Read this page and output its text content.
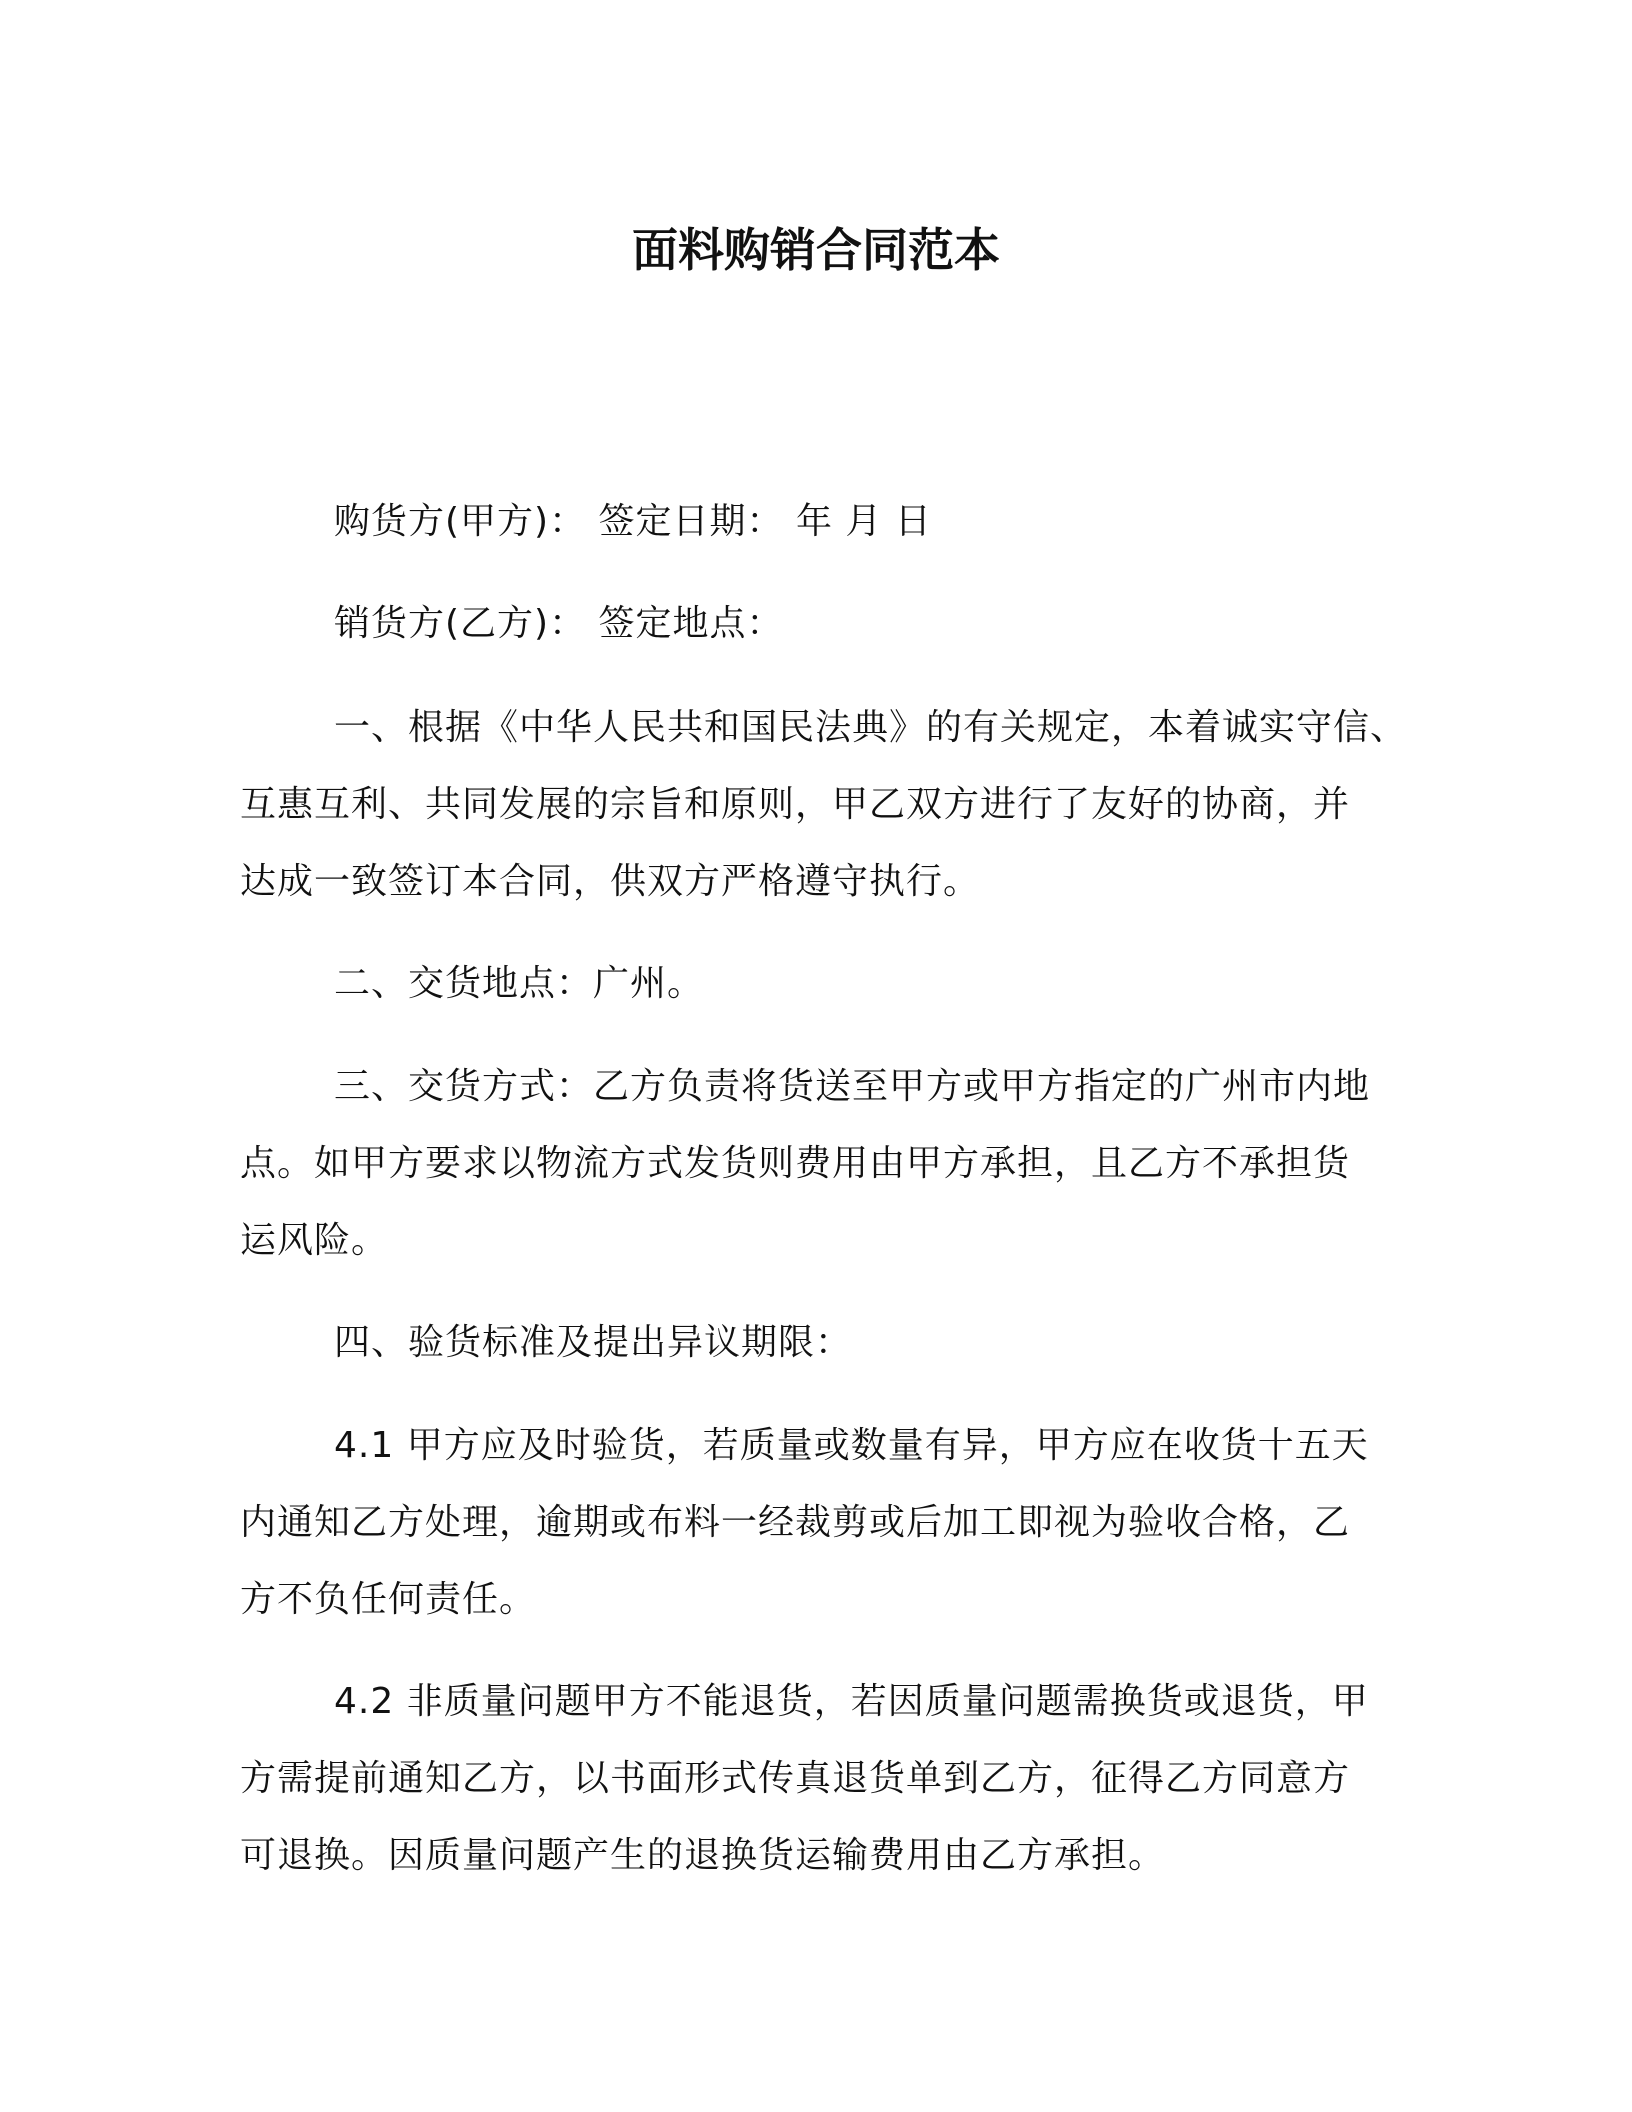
面料购销合同范本
购货方(甲方)： 签定日期： 年 月 日
销货方(乙方)： 签定地点：
一、根据《中华人民共和国民法典》的有关规定，本着诚实守信、
互惠互利、共同发展的宗旨和原则，甲乙双方进行了友好的协商，并
达成一致签订本合同，供双方严格遵守执行。
二、交货地点：广州。
三、交货方式：乙方负责将货送至甲方或甲方指定的广州市内地
点。如甲方要求以物流方式发货则费用由甲方承担，且乙方不承担货
运风险。
四、验货标准及提出异议期限：
4.1 甲方应及时验货，若质量或数量有异，甲方应在收货十五天
内通知乙方处理，逾期或布料一经裁剪或后加工即视为验收合格，乙
方不负任何责任。
4.2 非质量问题甲方不能退货，若因质量问题需换货或退货，甲
方需提前通知乙方，以书面形式传真退货单到乙方，征得乙方同意方
可退换。因质量问题产生的退换货运输费用由乙方承担。
